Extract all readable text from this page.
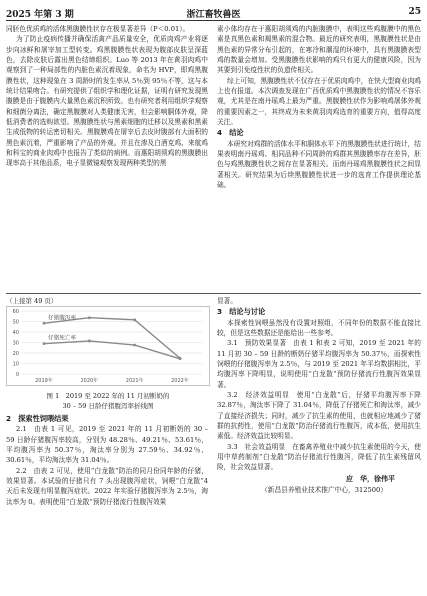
2025 年第 3 期	浙江畜牧兽医	25

同胚色优质鸡的活体黑腹膜性状存在极显著差异（P＜0.01）。

为了防止疫病传播并确保活禽产品质量安全，优质肉鸡产业将逐步向冰鲜和屠宰加工型转变。鸡黑腹膜性状表现为腹部皮肤呈深蓝色，去除皮肤后露出黑色结缔组织。Luo 等 2013 年在黄羽肉鸡中观察到了一种局部性的内脏色素沉着现象，命名为 HVP，即鸡黑腹膜性状，这种现象在 3 周龄时的发生率从 5％到 95％不等，这与本统计结果吻合。有研究提供了组织学和理化证据，证明有研究发现黑腹膜是由于腹膜内大量黑色素沉积所致。也有研究者利用组织学观察和细菌分离法，确定黑腹膜对人类健康无害，但会影响胴体外观，降低消费者的选购欲望。黑腹膜性状与黑素细胞的迁移以及黑素和黑素生成低物的转运密切相关。黑腹膜鸡在屠宰后去皮时腹部有大面积的黑色素沉着，严重影响了产品的外观。并且在渗及白酒克鸡、来航鸡和科宝的商业肉鸡中也报告了类似的病例。而惠阳胡须鸡的黑腹膜出现率高于其他品系，电子显微镜观察发现两种类型的黑

素小体均存在于惠阳胡须鸡的内脏腹膜中，表明这些鸡腹膜中的黑色素是真黑色素和褐黑素的混合物。最近的研究表明，黑腹膜性状是由黑色素的异常分布引起的，在寒冷和潮湿的环境中，具有黑腹膜表型鸡的数量会增加。受黑腹膜性状影响的鸡只有更大的健康风险，因为其要到引免疫性状的负遗传相关。

综上可知，黑腹膜性状不仅存在于优质肉鸡中，在快大型商业肉鸡上也有报道。本次调查发现在广西优质鸡中黑腹膜性状的情况不容乐观，尤其是在南丹瑶鸡上最为严重。黑腹膜性状作为影响鸡屠体外观的重要因素之一，其终成为未来黄羽肉鸡选育的重要方向，值得高度关注。

4　结论

本研究对鸡群的活体水平和胴体水平下的黑腹膜性状进行统计，结果表明南丹瑶鸡、相同品种不同周龄的鸡群其黑腹膜率存在差异，胚色与鸡黑腹膜性状之间存在显著相关。而南丹瑶鸡黑腹膜性状之间显著相关。研究结果为后续黑腹膜性状进一步的选育工作提供理论基础。

（上接第 49 页）
0
10
20
30
40
50
60
2019年	2020年	2021年	2022年
仔猪腹泻率
仔猪死亡率
图 1　2019 至 2022 年的 11 月初断奶的
30 – 59 日龄仔猪腹泻率折线图
2　探索性饲喂结果

2.1　由表 1 可见，2019 至 2021 年的 11 月初断奶的 30 – 59 日龄仔猪腹泻率较高，分别为 48.28％、49.21％、53.61％，平均腹泻率为 50.37％，淘汰率分别为 27.59％、34.92％、30.61％，平均淘汰率为 31.04％。

2.2　由表 2 可见，使用“白龙散”防治的同月份同年龄的仔猪，效果显著。本试验的仔猪只有 7 头出现腹泻症状，饲喂“白龙散”4 天后未发现有明显腹泻症状。2022 年实验仔猪腹泻率为 2.5％，淘汰率为 0。表明使用“白龙散”预防仔猪流行性腹泻效果

显著。

3　结论与讨论

本探索性饲喂虽然没有设置对照组，不同年份的数据不能直接比较，但是这些数据还是能给出一些参考。

3.1　预防效果显著　由表 1 和表 2 可知，2019 至 2021 年的 11 月初 30 – 59 日龄的断奶仔猪平均腹泻率为 50.37％，而探索性饲喂的仔猪腹泻率为 2.5％，与 2019 至 2021 年平均数据相比，平均腹泻率下降明显，说明使用“白龙散”预防仔猪流行性腹泻效果显著。

3.2　经济效益明显　使用“白龙散”后，仔猪平均腹泻率下降 32.87％，淘汰率下降了 31.04％，降低了仔猪死亡和淘汰率，减少了直接经济损失；同时，减少了抗生素的使用，也就相应地减少了猪群的抗药性，使用“白龙散”防治仔猪流行性腹泻，成本低，使用抗生素低。经济效益比较明显。

3.3　社会效益明显　在畜禽养殖业中减少抗生素使用的今天，使用中草药制剂“白龙散”防治仔猪流行性腹泻，降低了抗生素残留风险，社会效益显著。

应　华，徐伟平

（新昌县养殖业技术推广中心，312500）
